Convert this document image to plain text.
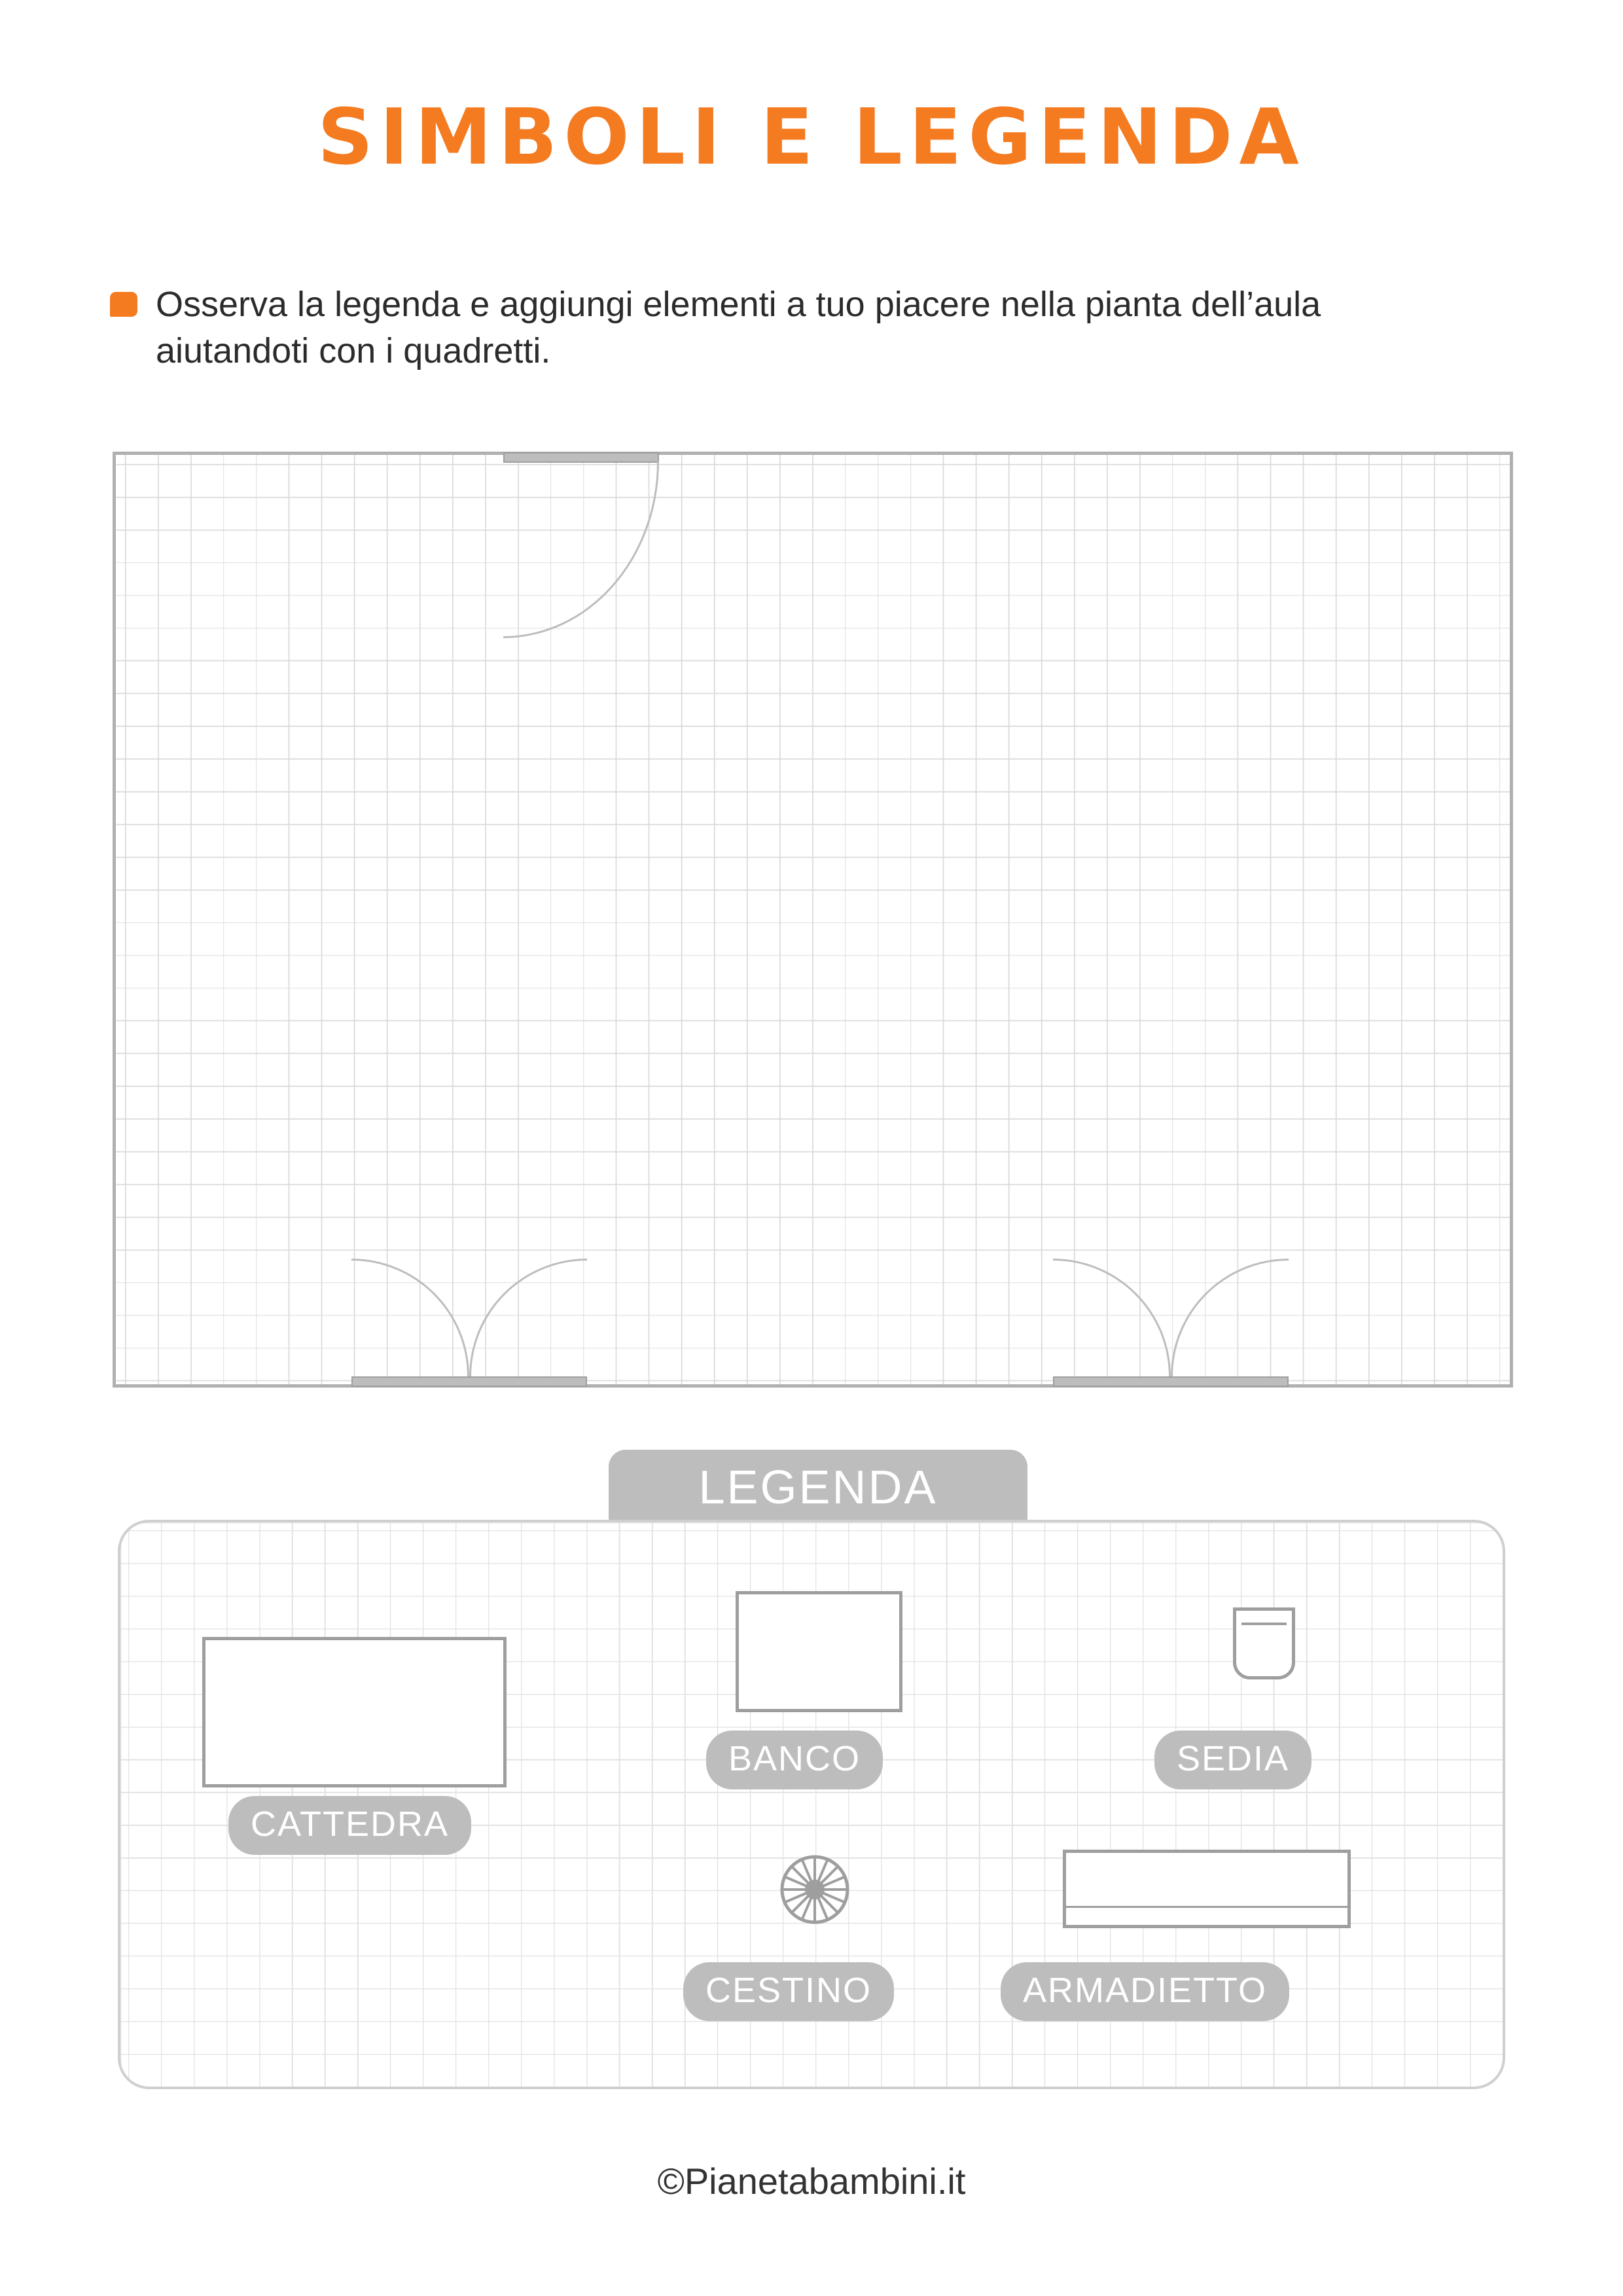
SIMBOLI E LEGENDA
Osserva la legenda e aggiungi elementi a tuo piacere nella pianta dell’aula aiutandoti con i quadretti.
LEGENDA
CATTEDRA
BANCO	SEDIA
CESTINO	ARMADIETTO
©Pianetabambini.it
